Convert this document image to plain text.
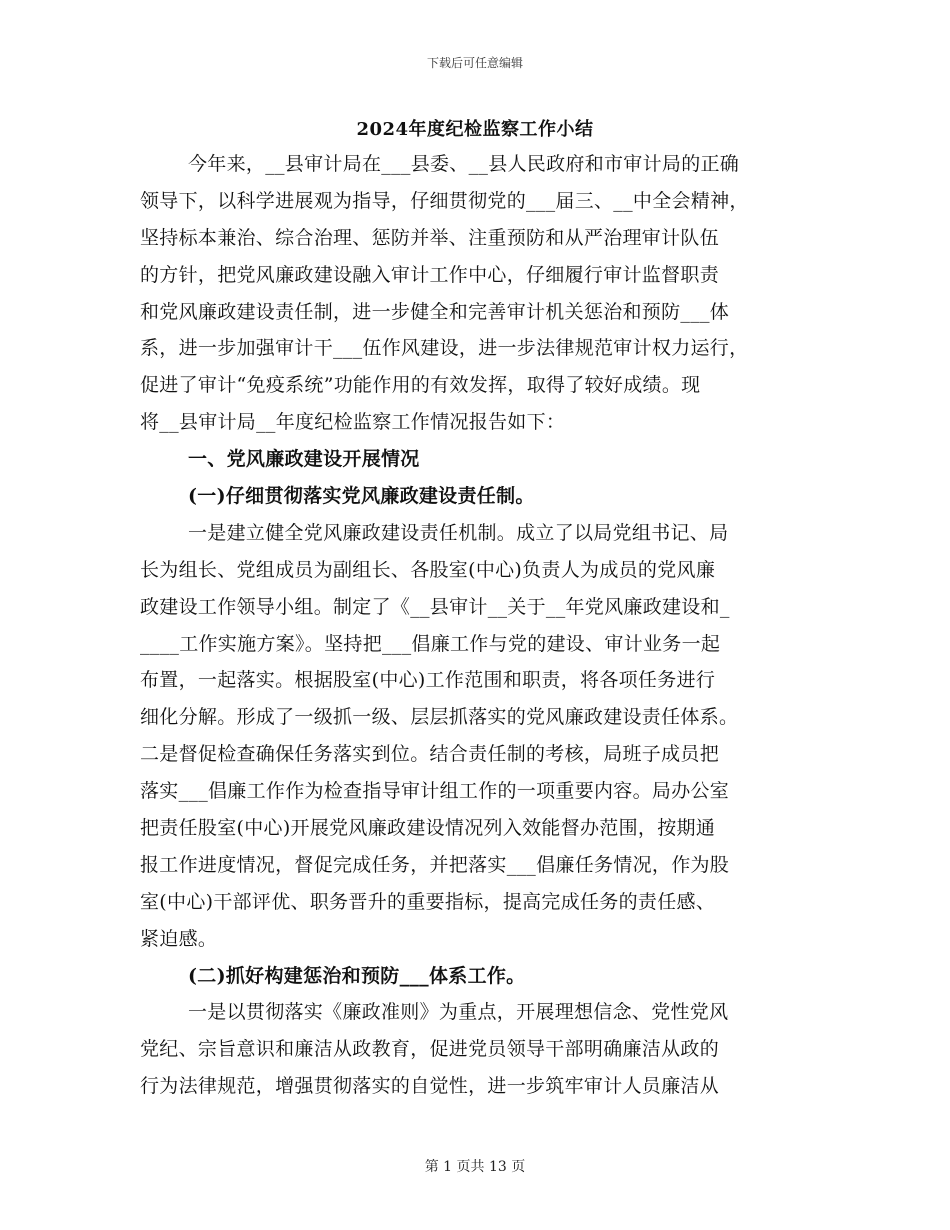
下载后可任意编辑
2024年度纪检监察工作小结
今年来，__县审计局在___县委、__县人民政府和市审计局的正确
领导下，以科学进展观为指导，仔细贯彻党的___届三、__中全会精神，
坚持标本兼治、综合治理、惩防并举、注重预防和从严治理审计队伍
的方针，把党风廉政建设融入审计工作中心，仔细履行审计监督职责
和党风廉政建设责任制，进一步健全和完善审计机关惩治和预防___体
系，进一步加强审计干___伍作风建设，进一步法律规范审计权力运行，
促进了审计“免疫系统”功能作用的有效发挥，取得了较好成绩。现
将__县审计局__年度纪检监察工作情况报告如下：
一、党风廉政建设开展情况
(一)仔细贯彻落实党风廉政建设责任制。
一是建立健全党风廉政建设责任机制。成立了以局党组书记、局
长为组长、党组成员为副组长、各股室(中心)负责人为成员的党风廉
政建设工作领导小组。制定了《__县审计__关于__年党风廉政建设和_
____工作实施方案》。坚持把___倡廉工作与党的建设、审计业务一起
布置，一起落实。根据股室(中心)工作范围和职责，将各项任务进行
细化分解。形成了一级抓一级、层层抓落实的党风廉政建设责任体系。
二是督促检查确保任务落实到位。结合责任制的考核，局班子成员把
落实___倡廉工作作为检查指导审计组工作的一项重要内容。局办公室
把责任股室(中心)开展党风廉政建设情况列入效能督办范围，按期通
报工作进度情况，督促完成任务，并把落实___倡廉任务情况，作为股
室(中心)干部评优、职务晋升的重要指标，提高完成任务的责任感、
紧迫感。
(二)抓好构建惩治和预防___体系工作。
一是以贯彻落实《廉政准则》为重点，开展理想信念、党性党风
党纪、宗旨意识和廉洁从政教育，促进党员领导干部明确廉洁从政的
行为法律规范，增强贯彻落实的自觉性，进一步筑牢审计人员廉洁从
第 1 页共 13 页
